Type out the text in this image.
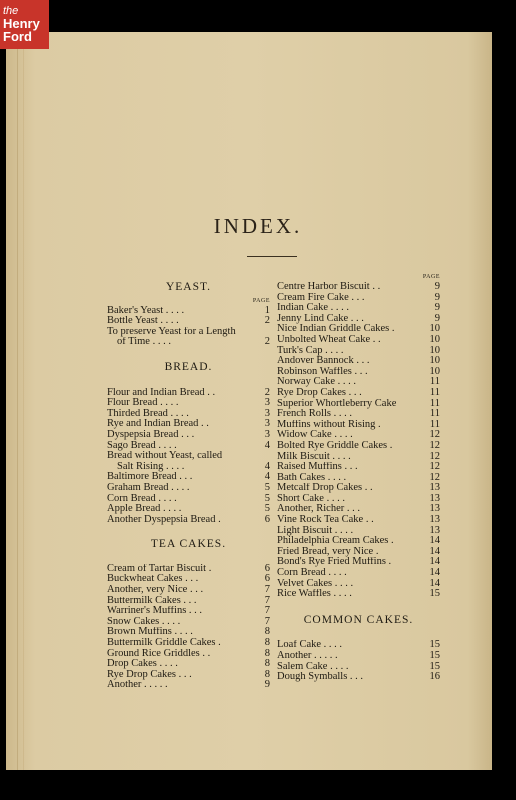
the
Henry
Ford
INDEX.
YEAST.
PAGE
Baker's Yeast . . . .	1
Bottle Yeast . . . .	2
To preserve Yeast for a Length
of Time . . . .	2
BREAD.
Flour and Indian Bread . .	2
Flour Bread . . . .	3
Thirded Bread . . . .	3
Rye and Indian Bread . .	3
Dyspepsia Bread . . .	3
Sago Bread . . . .	4
Bread without Yeast, called
Salt Rising . . . .	4
Baltimore Bread . . .	4
Graham Bread . . . .	5
Corn Bread . . . .	5
Apple Bread . . . .	5
Another Dyspepsia Bread .	6
TEA CAKES.
Cream of Tartar Biscuit .	6
Buckwheat Cakes . . .	6
Another, very Nice . . .	7
Buttermilk Cakes . . .	7
Warriner's Muffins . . .	7
Snow Cakes . . . .	7
Brown Muffins . . . .	8
Buttermilk Griddle Cakes .	8
Ground Rice Griddles . .	8
Drop Cakes . . . .	8
Rye Drop Cakes . . .	8
Another . . . . .	9
PAGE
Centre Harbor Biscuit . .	9
Cream Fire Cake . . .	9
Indian Cake . . . .	9
Jenny Lind Cake . . .	9
Nice Indian Griddle Cakes .	10
Unbolted Wheat Cake . .	10
Turk's Cap . . . .	10
Andover Bannock . . .	10
Robinson Waffles . . .	10
Norway Cake . . . .	11
Rye Drop Cakes . . .	11
Superior Whortleberry Cake	11
French Rolls . . . .	11
Muffins without Rising .	11
Widow Cake . . . .	12
Bolted Rye Griddle Cakes .	12
Milk Biscuit . . . .	12
Raised Muffins . . .	12
Bath Cakes . . . .	12
Metcalf Drop Cakes . .	13
Short Cake . . . .	13
Another, Richer . . .	13
Vine Rock Tea Cake . .	13
Light Biscuit . . . .	13
Philadelphia Cream Cakes .	14
Fried Bread, very Nice .	14
Bond's Rye Fried Muffins .	14
Corn Bread . . . .	14
Velvet Cakes . . . .	14
Rice Waffles . . . .	15
COMMON CAKES.
Loaf Cake . . . .	15
Another . . . . .	15
Salem Cake . . . .	15
Dough Symballs . . .	16
